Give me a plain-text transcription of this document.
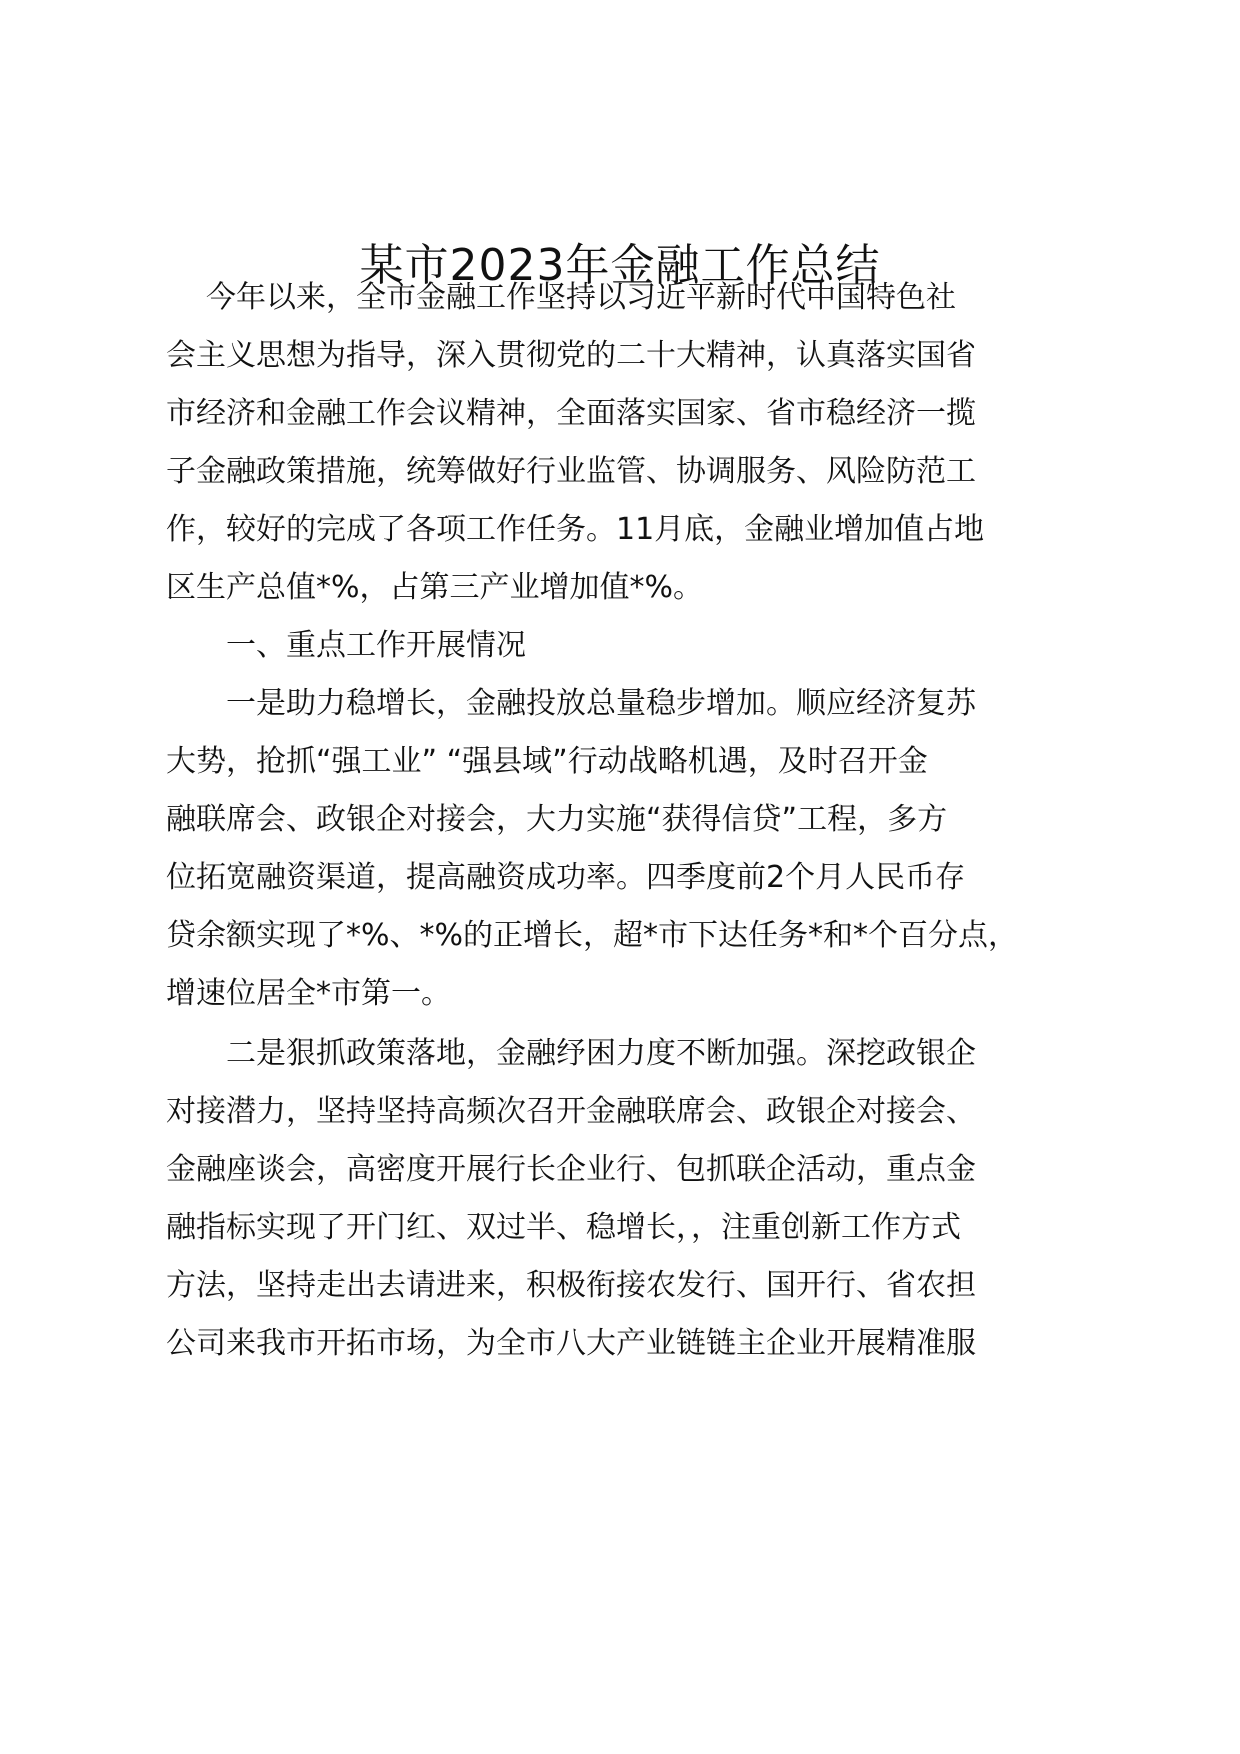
某市2023年金融工作总结
今年以来，全市金融工作坚持以习近平新时代中国特色社
会主义思想为指导，深入贯彻党的二十大精神，认真落实国省
市经济和金融工作会议精神，全面落实国家、省市稳经济一揽
子金融政策措施，统筹做好行业监管、协调服务、风险防范工
作，较好的完成了各项工作任务。11月底，金融业增加值占地
区生产总值*%，占第三产业增加值*%。
一、重点工作开展情况
一是助力稳增长，金融投放总量稳步增加。顺应经济复苏
大势，抢抓“强工业” “强县域”行动战略机遇，及时召开金
融联席会、政银企对接会，大力实施“获得信贷”工程，多方
位拓宽融资渠道，提高融资成功率。四季度前2个月人民币存
贷余额实现了*%、*%的正增长，超*市下达任务*和*个百分点，
增速位居全*市第一。
二是狠抓政策落地，金融纾困力度不断加强。深挖政银企
对接潜力，坚持坚持高频次召开金融联席会、政银企对接会、
金融座谈会，高密度开展行长企业行、包抓联企活动，重点金
融指标实现了开门红、双过半、稳增长，，注重创新工作方式
方法，坚持走出去请进来，积极衔接农发行、国开行、省农担
公司来我市开拓市场，为全市八大产业链链主企业开展精准服
